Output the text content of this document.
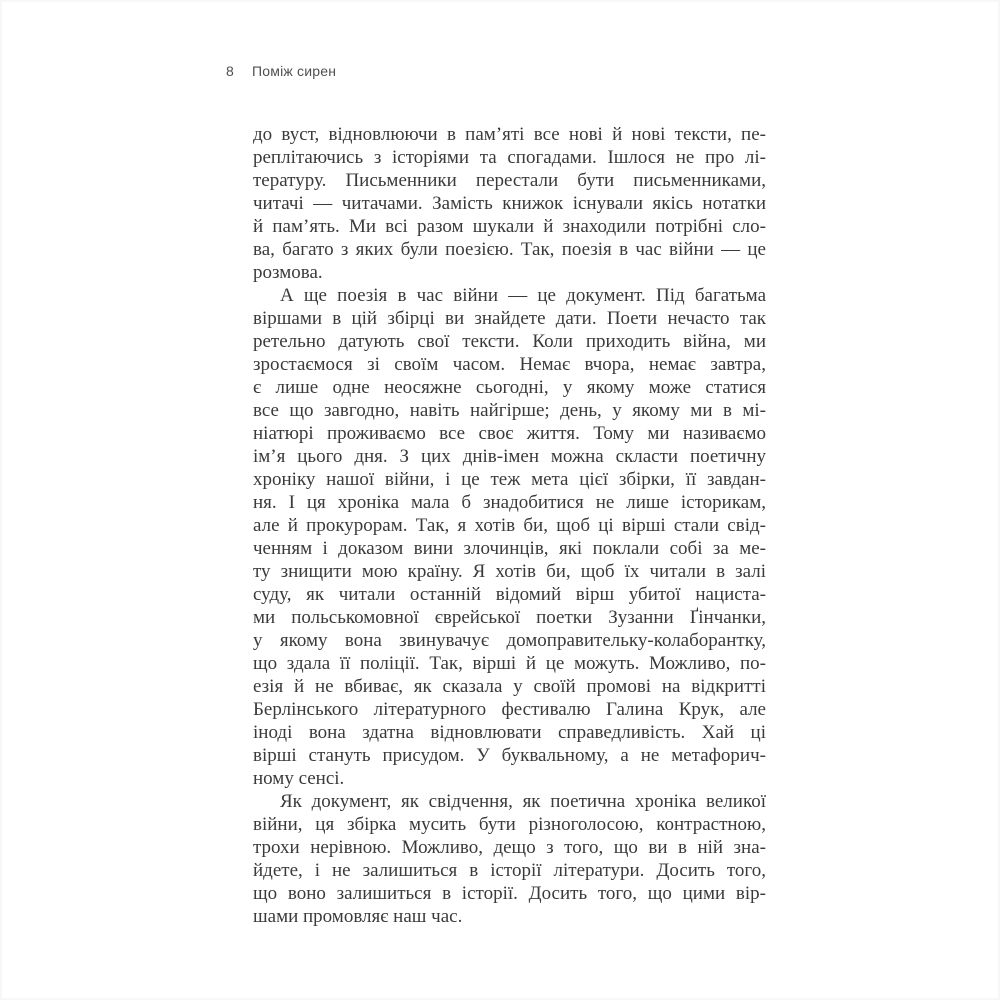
8 Поміж сирен
до вуст, відновлюючи в пам’яті все нові й нові тексти, пе-
реплітаючись з історіями та спогадами. Ішлося не про лі-
тературу. Письменники перестали бути письменниками,
читачі — читачами. Замість книжок існували якісь нотатки
й пам’ять. Ми всі разом шукали й знаходили потрібні сло-
ва, багато з яких були поезією. Так, поезія в час війни — це
розмова.
А ще поезія в час війни — це документ. Під багатьма
віршами в цій збірці ви знайдете дати. Поети нечасто так
ретельно датують свої тексти. Коли приходить війна, ми
зростаємося зі своїм часом. Немає вчора, немає завтра,
є лише одне неосяжне сьогодні, у якому може статися
все що завгодно, навіть найгірше; день, у якому ми в мі-
ніатюрі проживаємо все своє життя. Тому ми називаємо
ім’я цього дня. З цих днів-імен можна скласти поетичну
хроніку нашої війни, і це теж мета цієї збірки, її завдан-
ня. І ця хроніка мала б знадобитися не лише історикам,
але й прокурорам. Так, я хотів би, щоб ці вірші стали свід-
ченням і доказом вини злочинців, які поклали собі за ме-
ту знищити мою країну. Я хотів би, щоб їх читали в залі
суду, як читали останній відомий вірш убитої нациста-
ми польськомовної єврейської поетки Зузанни Ґінчанки,
у якому вона звинувачує домоправительку-колаборантку,
що здала її поліції. Так, вірші й це можуть. Можливо, по-
езія й не вбиває, як сказала у своїй промові на відкритті
Берлінського літературного фестивалю Галина Крук, але
іноді вона здатна відновлювати справедливість. Хай ці
вірші стануть присудом. У буквальному, а не метафорич-
ному сенсі.
Як документ, як свідчення, як поетична хроніка великої
війни, ця збірка мусить бути різноголосою, контрастною,
трохи нерівною. Можливо, дещо з того, що ви в ній зна-
йдете, і не залишиться в історії літератури. Досить того,
що воно залишиться в історії. Досить того, що цими вір-
шами промовляє наш час.
